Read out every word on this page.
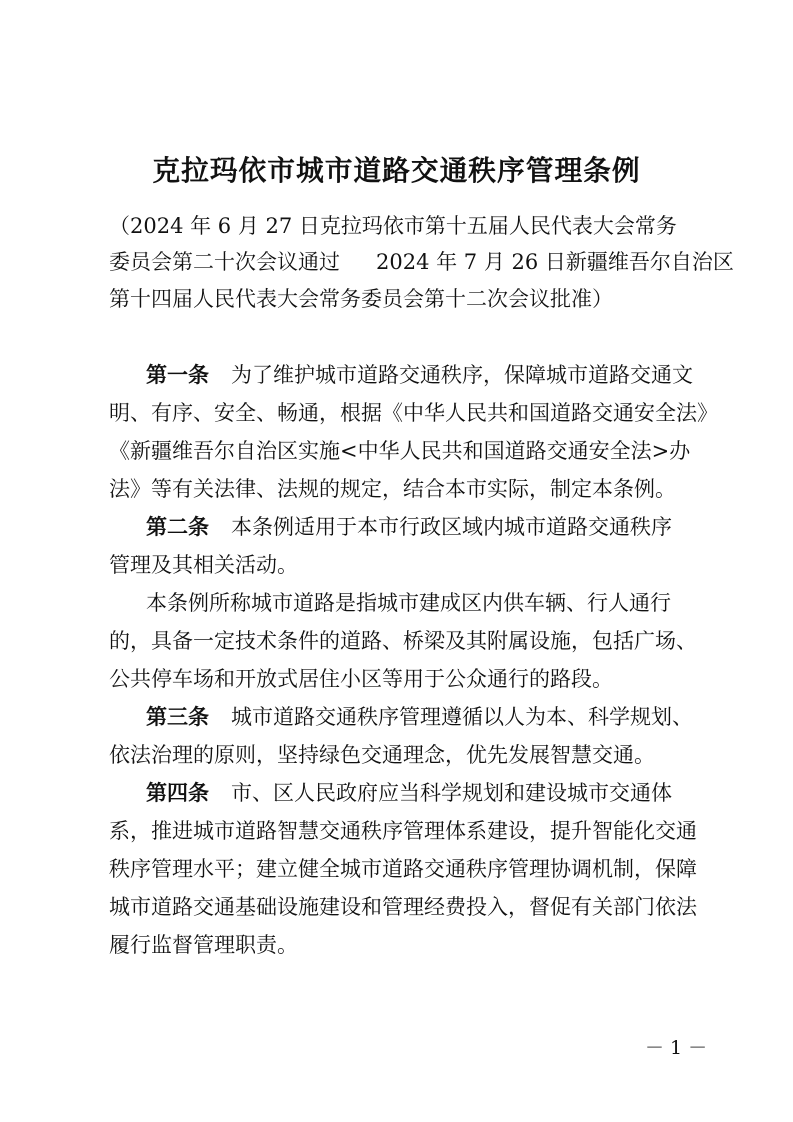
克拉玛依市城市道路交通秩序管理条例
（2024 年 6 月 27 日克拉玛依市第十五届人民代表大会常务
委员会第二十次会议通过 2024 年 7 月 26 日新疆维吾尔自治区
第十四届人民代表大会常务委员会第十二次会议批准）
第一条 为了维护城市道路交通秩序，保障城市道路交通文
明、有序、安全、畅通，根据《中华人民共和国道路交通安全法》
《新疆维吾尔自治区实施<中华人民共和国道路交通安全法>办
法》等有关法律、法规的规定，结合本市实际，制定本条例。
第二条 本条例适用于本市行政区域内城市道路交通秩序
管理及其相关活动。
本条例所称城市道路是指城市建成区内供车辆、行人通行
的，具备一定技术条件的道路、桥梁及其附属设施，包括广场、
公共停车场和开放式居住小区等用于公众通行的路段。
第三条 城市道路交通秩序管理遵循以人为本、科学规划、
依法治理的原则，坚持绿色交通理念，优先发展智慧交通。
第四条 市、区人民政府应当科学规划和建设城市交通体
系，推进城市道路智慧交通秩序管理体系建设，提升智能化交通
秩序管理水平；建立健全城市道路交通秩序管理协调机制，保障
城市道路交通基础设施建设和管理经费投入，督促有关部门依法
履行监督管理职责。
－ 1 －
